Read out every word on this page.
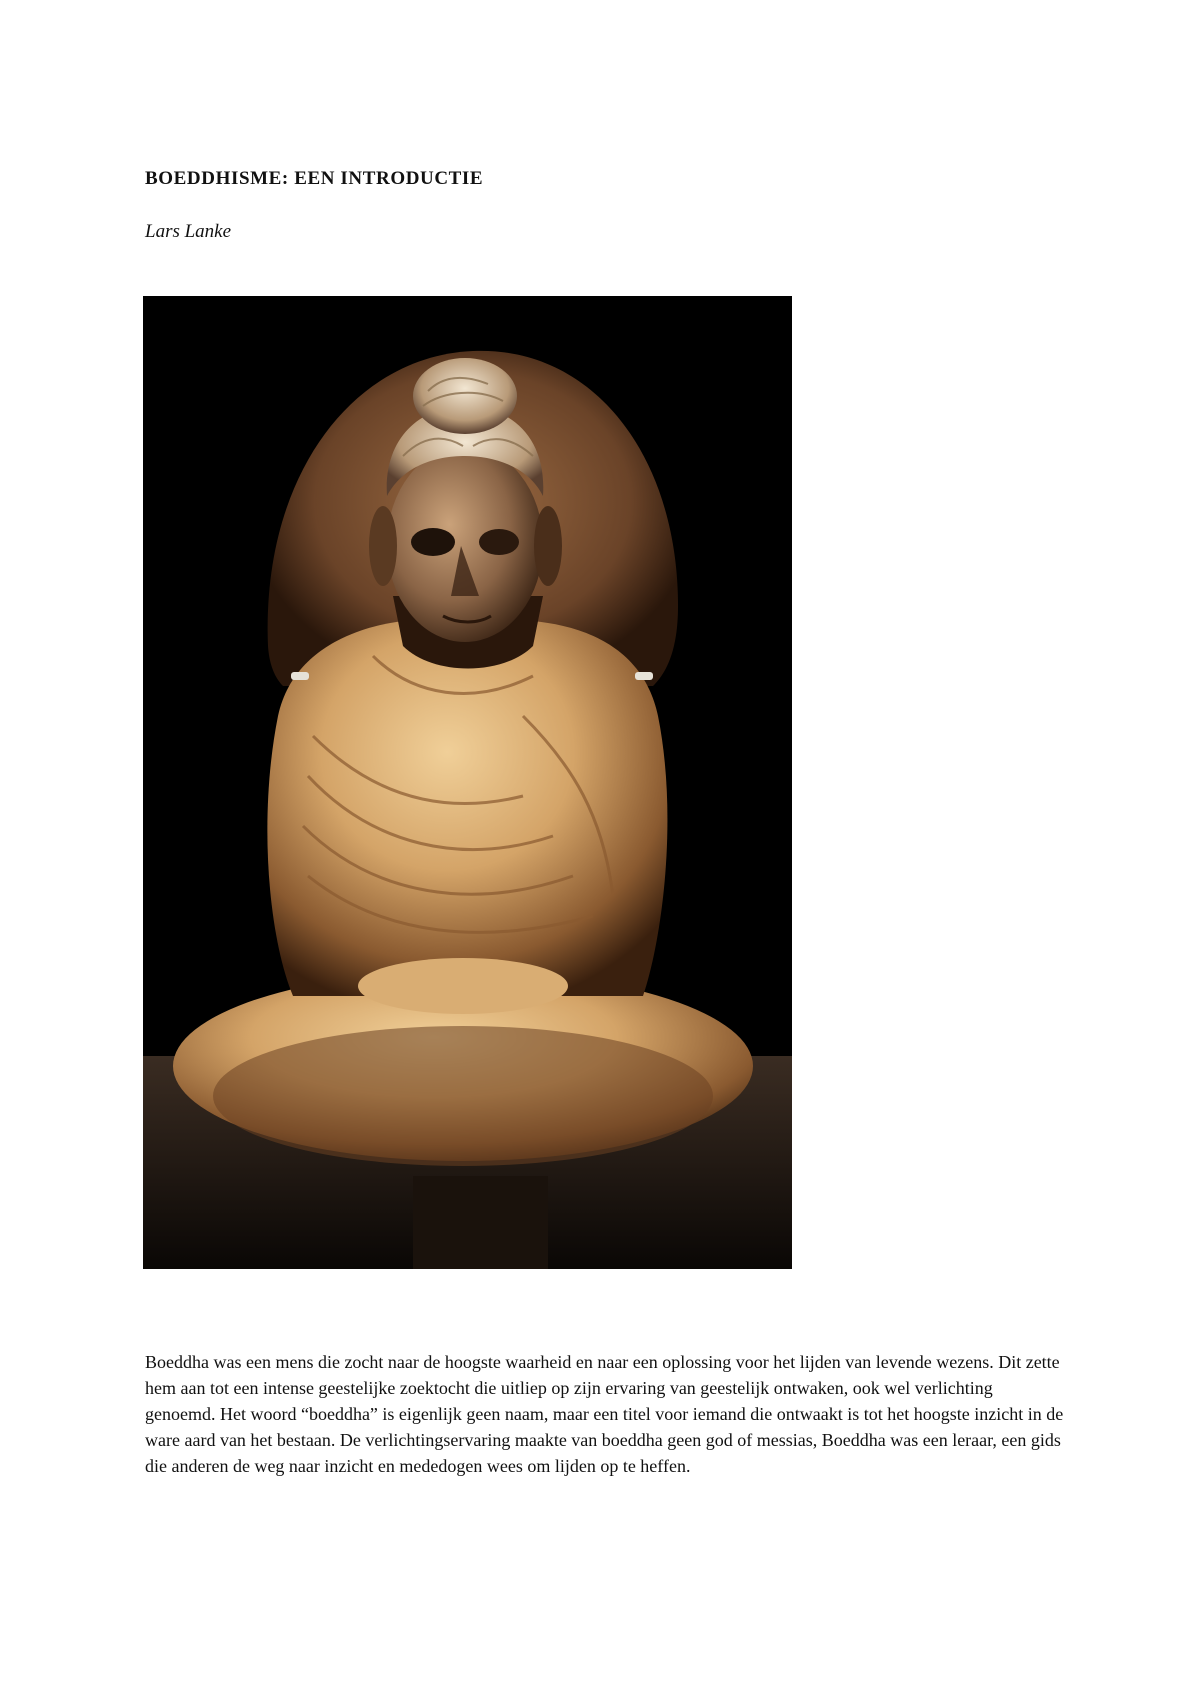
BOEDDHISME: EEN INTRODUCTIE

Lars Lanke

Boeddha was een mens die zocht naar de hoogste waarheid en naar een oplossing voor het lijden van levende wezens. Dit zette hem aan tot een intense geestelijke zoektocht die uitliep op zijn ervaring van geestelijk ontwaken, ook wel verlichting genoemd. Het woord “boeddha” is eigenlijk geen naam, maar een titel voor iemand die ontwaakt is tot het hoogste inzicht in de ware aard van het bestaan. De verlichtingservaring maakte van boeddha geen god of messias, Boeddha was een leraar, een gids die anderen de weg naar inzicht en mededogen wees om lijden op te heffen.
